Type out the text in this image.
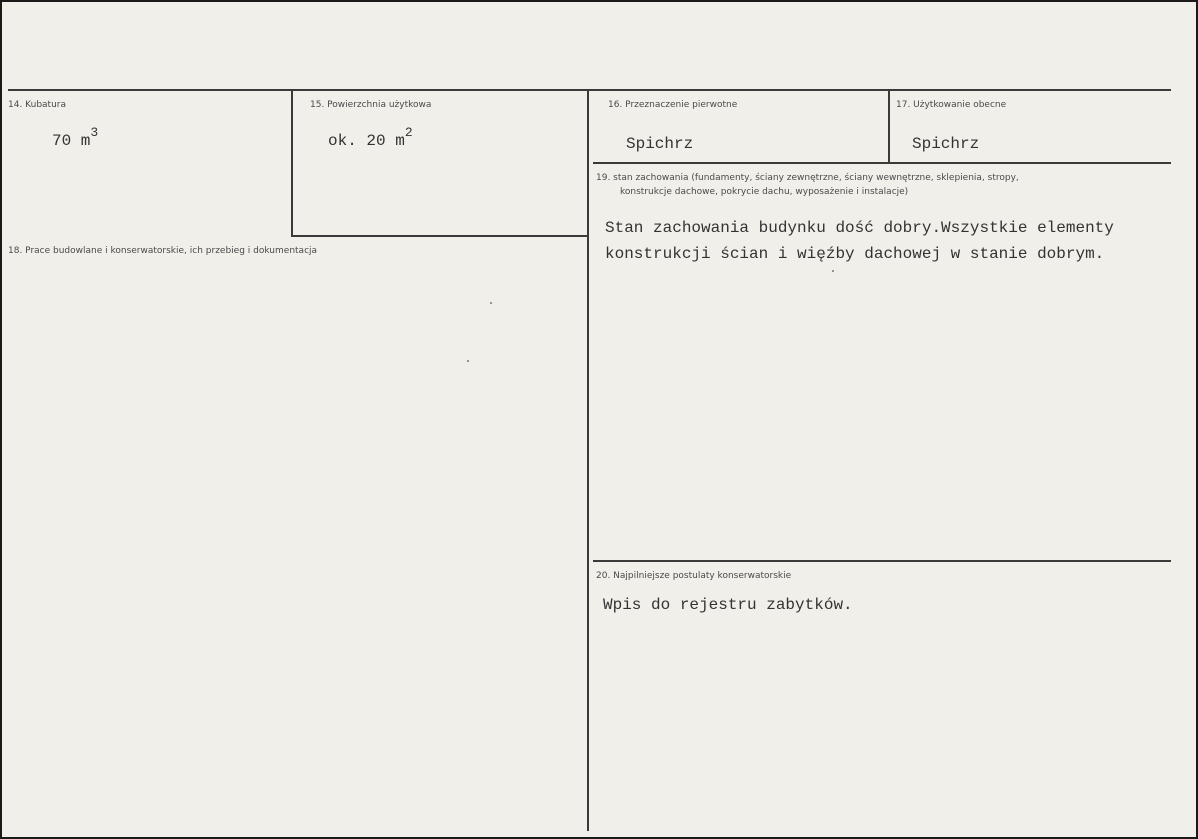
14. Kubatura
70 $m^3$
15. Powierzchnia użytkowa
ok. 20 $m^2$
16. Przeznaczenie pierwotne
Spichrz
17. Użytkowanie obecne
Spichrz
18. Prace budowlane i konserwatorskie, ich przebieg i dokumentacja
19. stan zachowania (fundamenty, ściany zewnętrzne, ściany wewnętrzne, sklepienia, stropy,
konstrukcje dachowe, pokrycie dachu, wyposażenie i instalacje)
Stan zachowania budynku dość dobry.Wszystkie elementy
konstrukcji ścian i więźby dachowej w stanie dobrym.
20. Najpilniejsze postulaty konserwatorskie
Wpis do rejestru zabytków.
